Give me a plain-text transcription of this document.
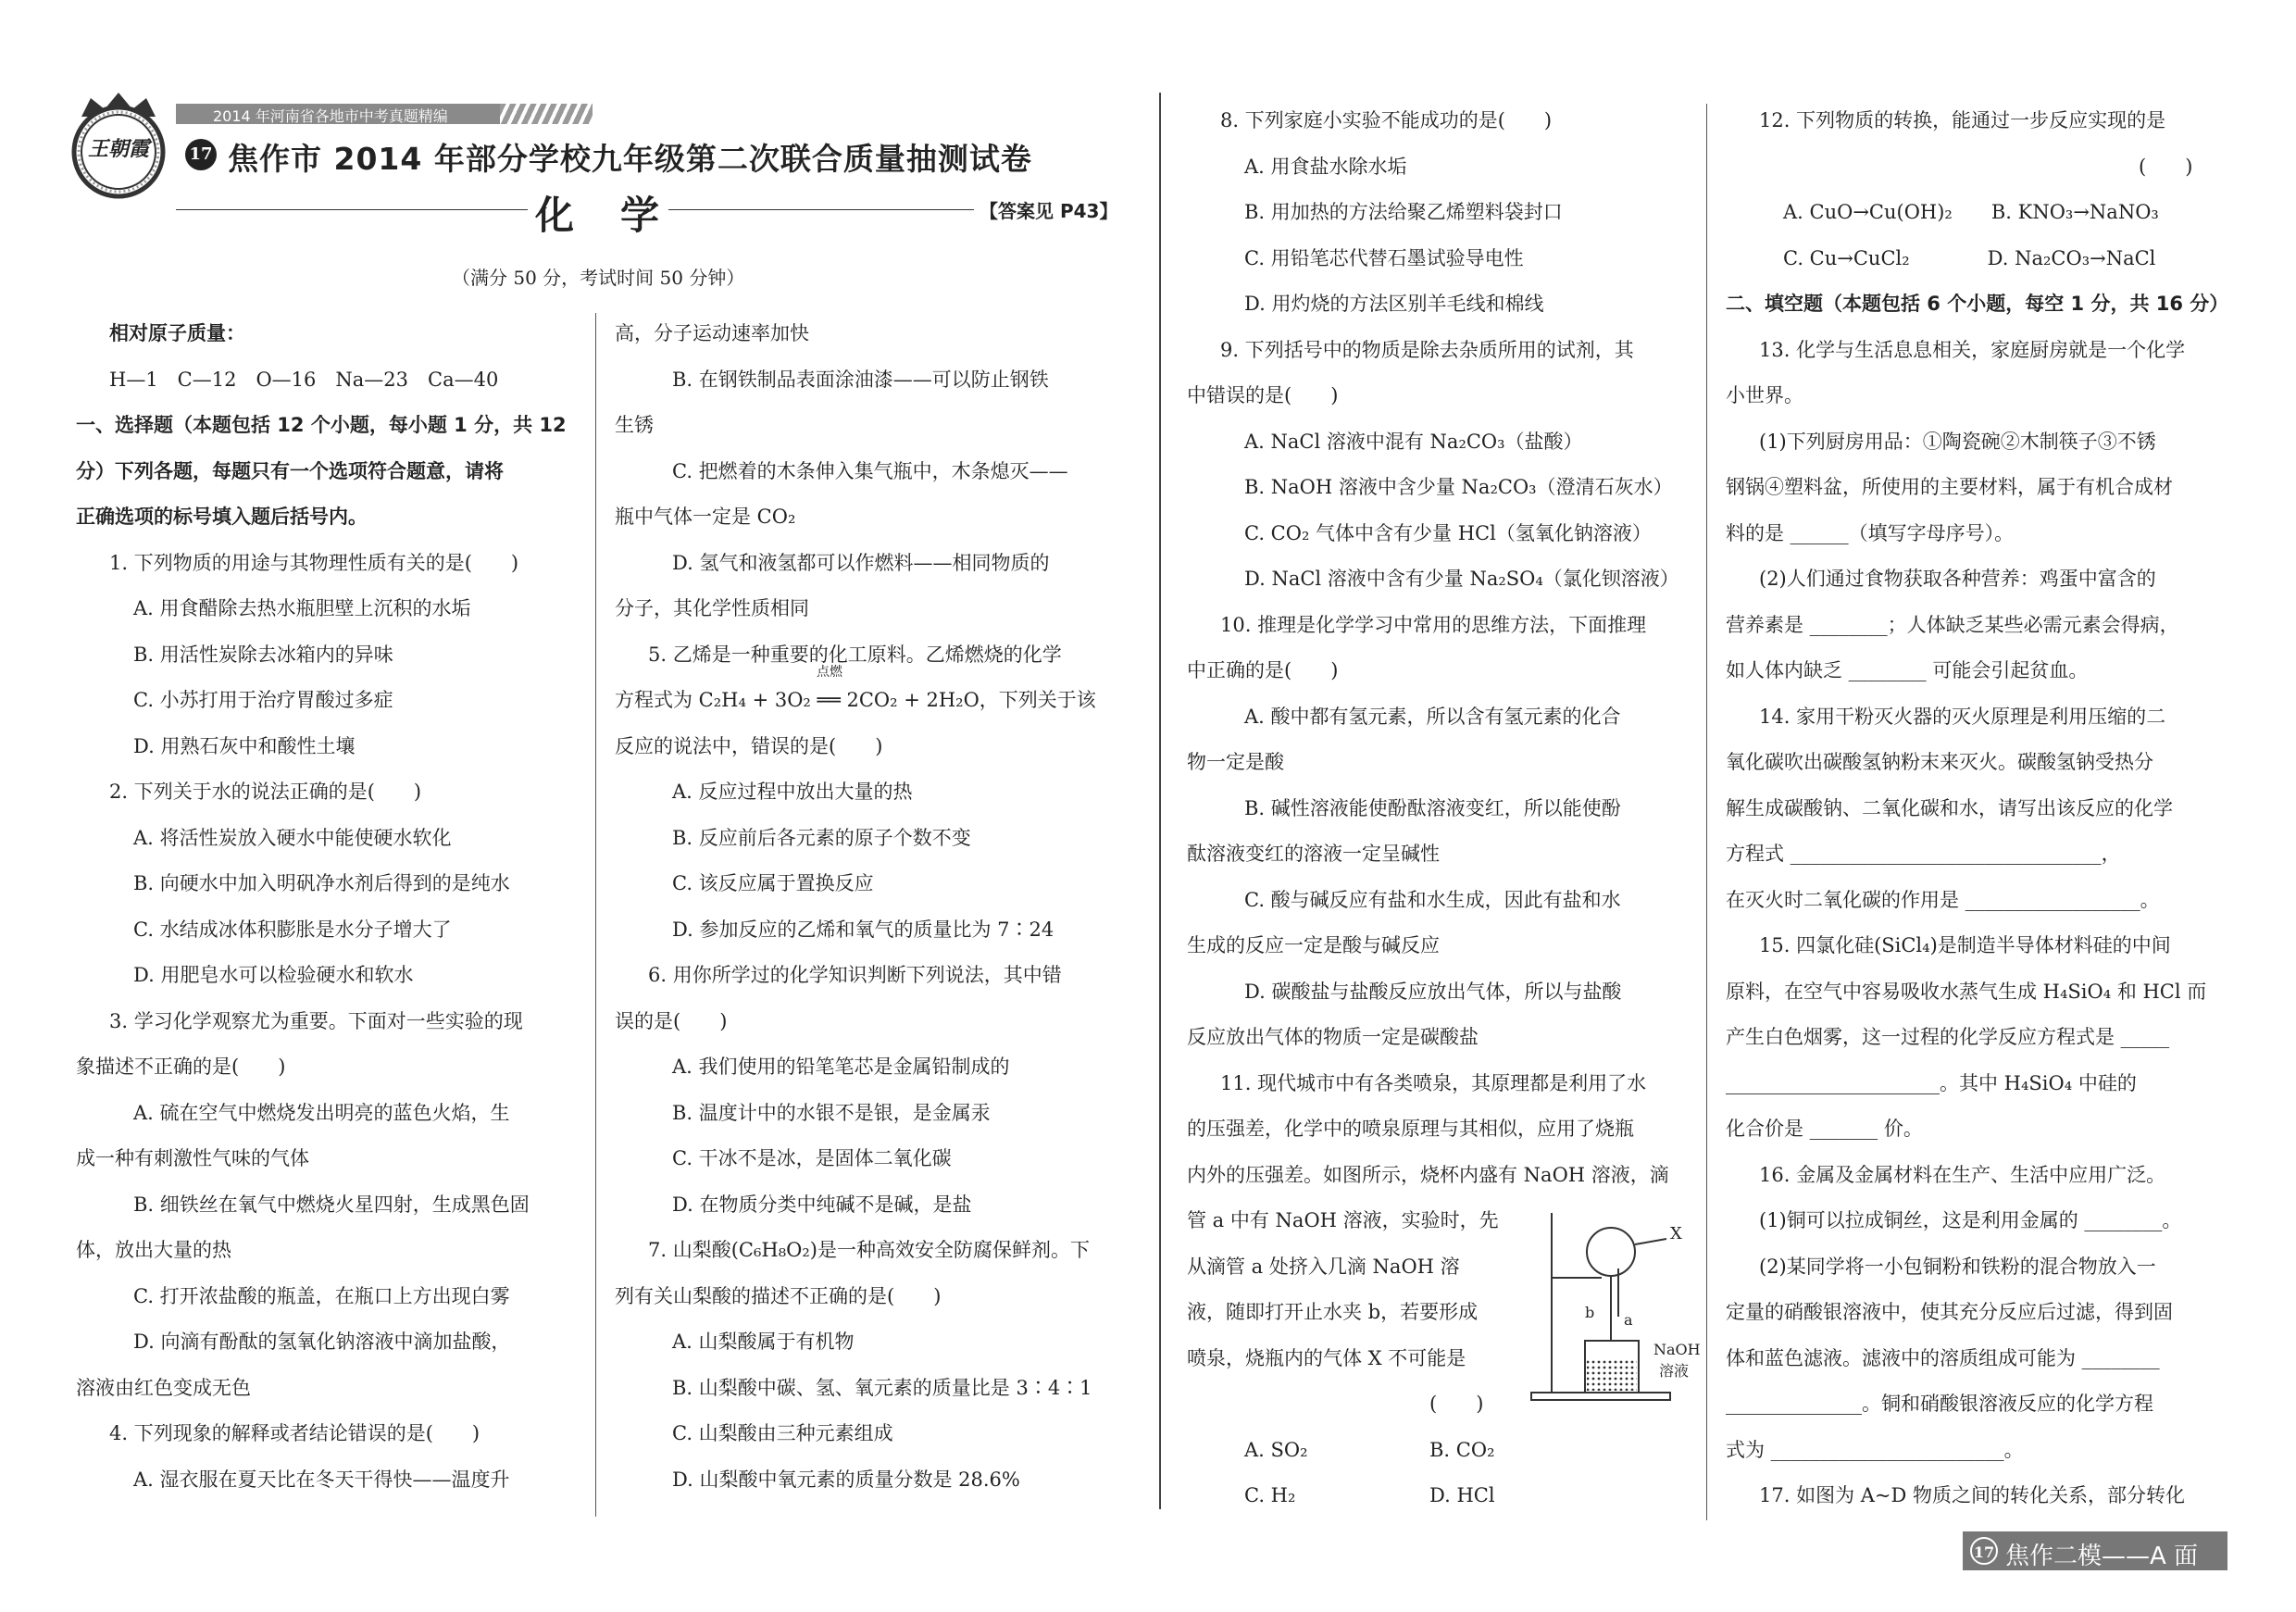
王朝霞
2014 年河南省各地市中考真题精编
17 焦作市 2014 年部分学校九年级第二次联合质量抽测试卷
化　学	【答案见 P43】
（满分 50 分，考试时间 50 分钟）

相对原子质量：

H—1　C—12　O—16　Na—23　Ca—40

一、选择题（本题包括 12 个小题，每小题 1 分，共 12

分）下列各题，每题只有一个选项符合题意，请将

正确选项的标号填入题后括号内。

1. 下列物质的用途与其物理性质有关的是(　　)

A. 用食醋除去热水瓶胆壁上沉积的水垢

B. 用活性炭除去冰箱内的异味

C. 小苏打用于治疗胃酸过多症

D. 用熟石灰中和酸性土壤

2. 下列关于水的说法正确的是(　　)

A. 将活性炭放入硬水中能使硬水软化

B. 向硬水中加入明矾净水剂后得到的是纯水

C. 水结成冰体积膨胀是水分子增大了

D. 用肥皂水可以检验硬水和软水

3. 学习化学观察尤为重要。下面对一些实验的现

象描述不正确的是(　　)

A. 硫在空气中燃烧发出明亮的蓝色火焰，生

成一种有刺激性气味的气体

B. 细铁丝在氧气中燃烧火星四射，生成黑色固

体，放出大量的热

C. 打开浓盐酸的瓶盖，在瓶口上方出现白雾

D. 向滴有酚酞的氢氧化钠溶液中滴加盐酸，

溶液由红色变成无色

4. 下列现象的解释或者结论错误的是(　　)

A. 湿衣服在夏天比在冬天干得快——温度升

高，分子运动速率加快

B. 在钢铁制品表面涂油漆——可以防止钢铁

生锈

C. 把燃着的木条伸入集气瓶中，木条熄灭——

瓶中气体一定是 CO₂

D. 氢气和液氢都可以作燃料——相同物质的

分子，其化学性质相同

5. 乙烯是一种重要的化工原料。乙烯燃烧的化学

方程式为 C₂H₄ + 3O₂ ══ 2CO₂ + 2H₂O，下列关于该
点燃

反应的说法中，错误的是(　　)

A. 反应过程中放出大量的热

B. 反应前后各元素的原子个数不变

C. 该反应属于置换反应

D. 参加反应的乙烯和氧气的质量比为 7∶24

6. 用你所学过的化学知识判断下列说法，其中错

误的是(　　)

A. 我们使用的铅笔笔芯是金属铅制成的

B. 温度计中的水银不是银，是金属汞

C. 干冰不是冰，是固体二氧化碳

D. 在物质分类中纯碱不是碱，是盐

7. 山梨酸(C₆H₈O₂)是一种高效安全防腐保鲜剂。下

列有关山梨酸的描述不正确的是(　　)

A. 山梨酸属于有机物

B. 山梨酸中碳、氢、氧元素的质量比是 3∶4∶1

C. 山梨酸由三种元素组成

D. 山梨酸中氧元素的质量分数是 28.6%

8. 下列家庭小实验不能成功的是(　　)

A. 用食盐水除水垢

B. 用加热的方法给聚乙烯塑料袋封口

C. 用铅笔芯代替石墨试验导电性

D. 用灼烧的方法区别羊毛线和棉线

9. 下列括号中的物质是除去杂质所用的试剂，其

中错误的是(　　)

A. NaCl 溶液中混有 Na₂CO₃（盐酸）

B. NaOH 溶液中含少量 Na₂CO₃（澄清石灰水）

C. CO₂ 气体中含有少量 HCl（氢氧化钠溶液）

D. NaCl 溶液中含有少量 Na₂SO₄（氯化钡溶液）

10. 推理是化学学习中常用的思维方法，下面推理

中正确的是(　　)

A. 酸中都有氢元素，所以含有氢元素的化合

物一定是酸

B. 碱性溶液能使酚酞溶液变红，所以能使酚

酞溶液变红的溶液一定呈碱性

C. 酸与碱反应有盐和水生成，因此有盐和水

生成的反应一定是酸与碱反应

D. 碳酸盐与盐酸反应放出气体，所以与盐酸

反应放出气体的物质一定是碳酸盐

11. 现代城市中有各类喷泉，其原理都是利用了水

的压强差，化学中的喷泉原理与其相似，应用了烧瓶

内外的压强差。如图所示，烧杯内盛有 NaOH 溶液，滴

管 a 中有 NaOH 溶液，实验时，先

从滴管 a 处挤入几滴 NaOH 溶

液，随即打开止水夹 b，若要形成

喷泉，烧瓶内的气体 X 不可能是

(　　)

A. SO₂	B. CO₂

C. H₂	D. HCl

X
b a
NaOH
溶液

12. 下列物质的转换，能通过一步反应实现的是

(　　)

A. CuO→Cu(OH)₂　　B. KNO₃→NaNO₃

C. Cu→CuCl₂　　　　D. Na₂CO₃→NaCl

二、填空题（本题包括 6 个小题，每空 1 分，共 16 分）

13. 化学与生活息息相关，家庭厨房就是一个化学

小世界。

(1)下列厨房用品：①陶瓷碗②木制筷子③不锈

钢锅④塑料盆，所使用的主要材料，属于有机合成材

料的是 ______（填写字母序号）。

(2)人们通过食物获取各种营养：鸡蛋中富含的

营养素是 ________；人体缺乏某些必需元素会得病，

如人体内缺乏 ________ 可能会引起贫血。

14. 家用干粉灭火器的灭火原理是利用压缩的二

氧化碳吹出碳酸氢钠粉末来灭火。碳酸氢钠受热分

解生成碳酸钠、二氧化碳和水，请写出该反应的化学

方程式 ________________________________，

在灭火时二氧化碳的作用是 __________________。

15. 四氯化硅(SiCl₄)是制造半导体材料硅的中间

原料，在空气中容易吸收水蒸气生成 H₄SiO₄ 和 HCl 而

产生白色烟雾，这一过程的化学反应方程式是 _____

______________________。其中 H₄SiO₄ 中硅的

化合价是 _______ 价。

16. 金属及金属材料在生产、生活中应用广泛。

(1)铜可以拉成铜丝，这是利用金属的 ________。

(2)某同学将一小包铜粉和铁粉的混合物放入一

定量的硝酸银溶液中，使其充分反应后过滤，得到固

体和蓝色滤液。滤液中的溶质组成可能为 ________

______________。铜和硝酸银溶液反应的化学方程

式为 ________________________。

17. 如图为 A~D 物质之间的转化关系，部分转化

17 焦作二模——A 面
